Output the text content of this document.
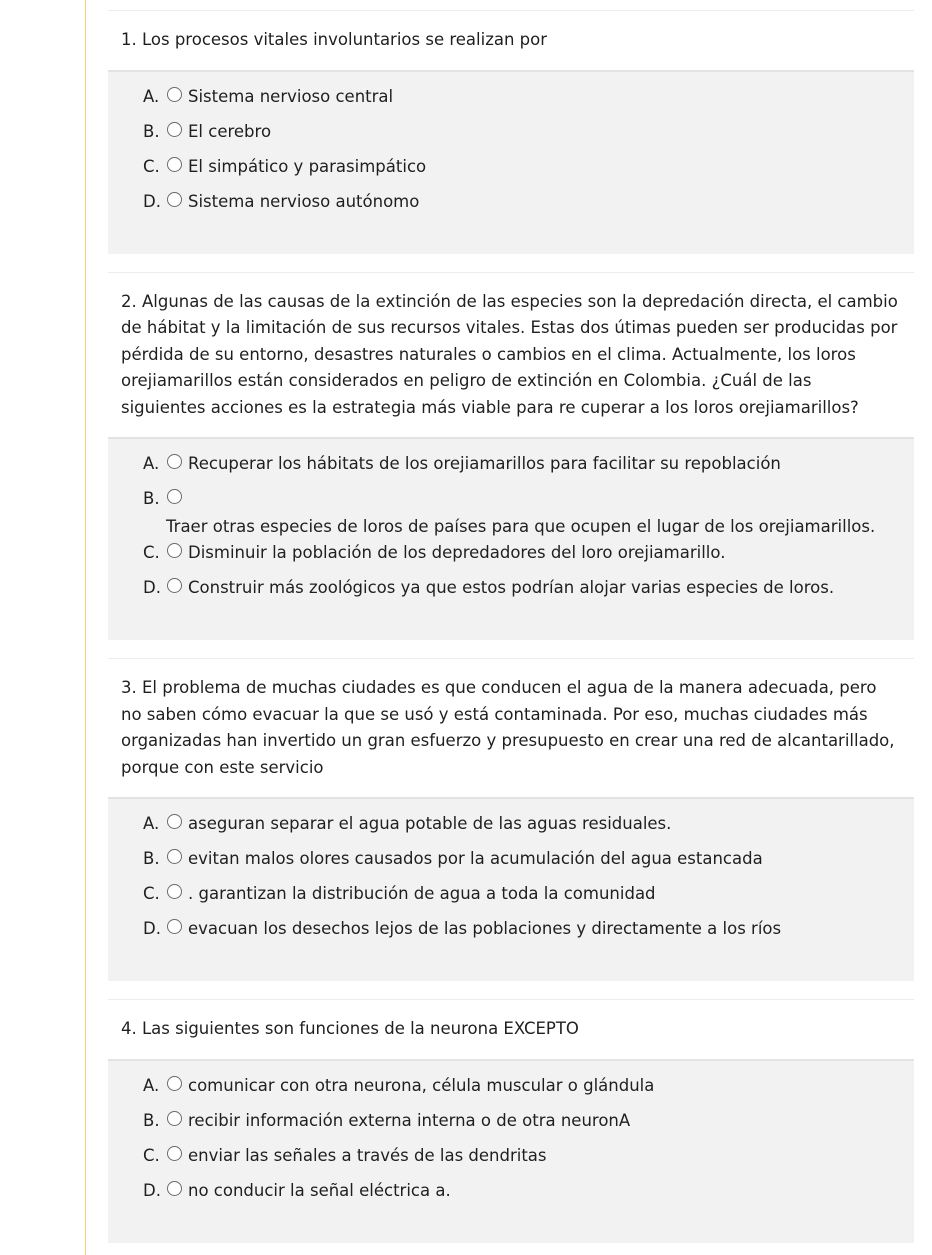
1. Los procesos vitales involuntarios se realizan por
A.	Sistema nervioso central
B.	El cerebro
C.	El simpático y parasimpático
D. Sistema nervioso autónomo
2. Algunas de las causas de la extinción de las especies son la depredación directa, el cambio de hábitat y la limitación de sus recursos vitales. Estas dos útimas pueden ser producidas por pérdida de su entorno, desastres naturales o cambios en el clima. Actualmente, los loros orejiamarillos están considerados en peligro de extinción en Colombia. ¿Cuál de las siguientes acciones es la estrategia más viable para re cuperar a los loros orejiamarillos?
A.	Recuperar los hábitats de los orejiamarillos para facilitar su repoblación
B.
Traer otras especies de loros de países para que ocupen el lugar de los orejiamarillos.
C.	Disminuir la población de los depredadores del loro orejiamarillo.
D. Construir más zoológicos ya que estos podrían alojar varias especies de loros.
3. El problema de muchas ciudades es que conducen el agua de la manera adecuada, pero no saben cómo evacuar la que se usó y está contaminada. Por eso, muchas ciudades más organizadas han invertido un gran esfuerzo y presupuesto en crear una red de alcantarillado, porque con este servicio
A.	aseguran separar el agua potable de las aguas residuales.
B.	evitan malos olores causados por la acumulación del agua estancada
C.	. garantizan la distribución de agua a toda la comunidad
D. evacuan los desechos lejos de las poblaciones y directamente a los ríos
4. Las siguientes son funciones de la neurona EXCEPTO
A.	comunicar con otra neurona, célula muscular o glándula
B.	recibir información externa interna o de otra neuronA
C.	enviar las señales a través de las dendritas
D. no conducir la señal eléctrica a.
